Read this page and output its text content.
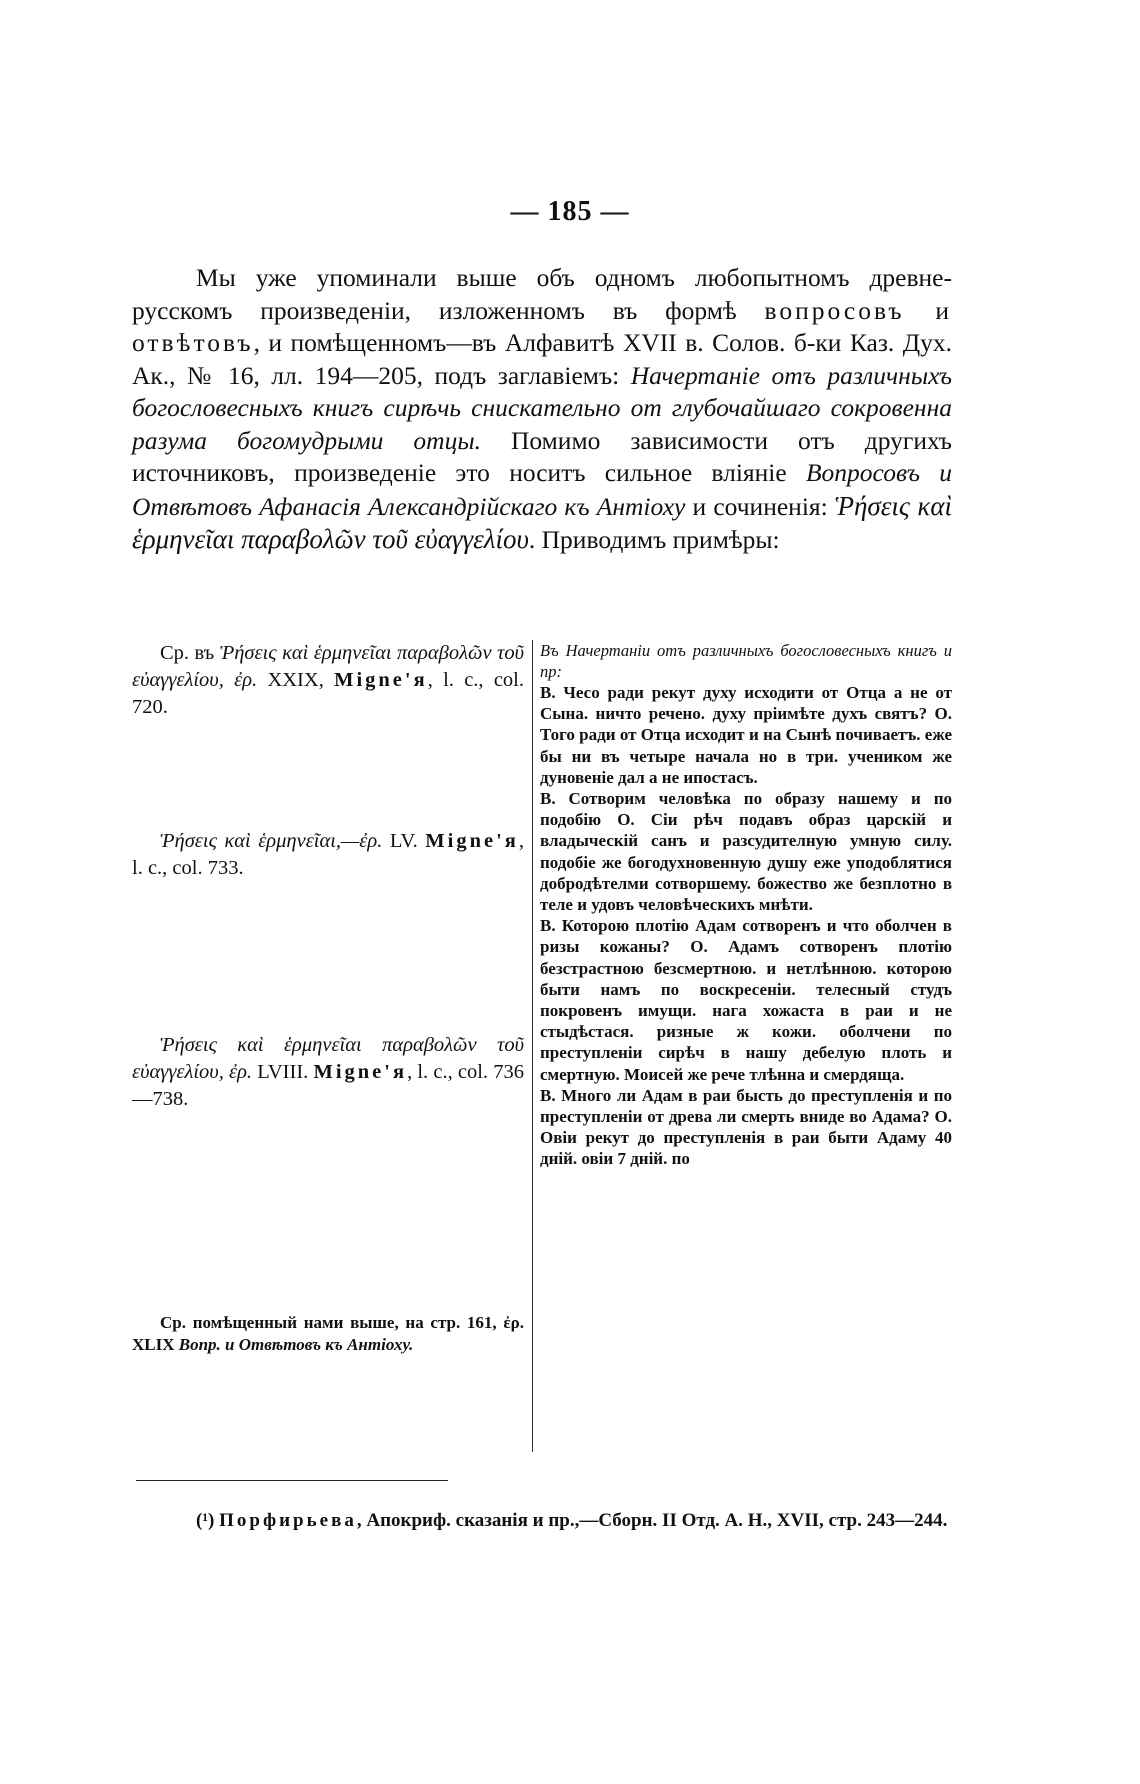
— 185 —

Мы уже упоминали выше объ одномъ любопытномъ древне-русскомъ произведеніи, изложенномъ въ формѣ вопросовъ и отвѣтовъ, и помѣщенномъ—въ Алфавитѣ XVII в. Солов. б-ки Каз. Дух. Ак., № 16, лл. 194—205, подъ заглавіемъ: Начертаніе отъ различныхъ богословесныхъ книгъ сирѣчь снискательно от глубочайшаго сокровенна разума богомудрыми отцы. Помимо зависимости отъ другихъ источниковъ, произведеніе это носитъ сильное вліяніе Вопросовъ и Отвѣтовъ Афанасія Александрійскаго къ Антіоху и сочиненія: Ῥήσεις καὶ ἑρμηνεῖαι παραβολῶν τοῦ εὐαγγελίου. Приводимъ примѣры:

Ср. въ Ῥήσεις καὶ ἑρμηνεῖαι παραβολῶν τοῦ εὐαγγελίου, ἐρ. XXIX, Migne'я, l. c., col. 720.
Ῥήσεις καὶ ἑρμηνεῖαι,—ἐρ. LV. Migne'я, l. c., col. 733.
Ῥήσεις καὶ ἑρμηνεῖαι παραβολῶν τοῦ εὐαγγελίου, ἐρ. LVIII. Migne'я, l. c., col. 736—738.
Ср. помѣщенный нами выше, на стр. 161, ἐρ. XLIX Вопр. и Отвѣтовъ къ Антіоху.

Въ Начертаніи отъ различныхъ богословесныхъ книгъ и пр:

В. Чесо ради рекут духу исходити от Отца а не от Сына. ничто речено. духу пріимѣте духъ святъ? О. Того ради от Отца исходит и на Сынѣ почиваетъ. еже бы ни въ четыре начала но в три. учеником же дуновеніе дал а не ипостасъ.

В. Сотворим человѣка по образу нашему и по подобію О. Сіи рѣч подавъ образ царскій и владыческій санъ и разсудителную умную силу. подобіе же богодухновенную душу еже уподоблятися добродѣтелми сотворшему. божество же безплотно в теле и удовъ человѣческихъ мнѣти.

В. Которою плотію Адам сотворенъ и что оболчен в ризы кожаны? О. Адамъ сотворенъ плотію безстрастною безсмертною. и нетлѣнною. которою быти намъ по воскресеніи. телесный студъ покровенъ имущи. нага хожаста в раи и не стыдѣстася. ризные ж кожи. оболчени по преступленіи сирѣч в нашу дебелую плоть и смертную. Моисей же рече тлѣнна и смердяща.

В. Много ли Адам в раи бысть до преступленія и по преступленіи от древа ли смерть вниде во Адама? О. Овіи рекут до преступленія в раи быти Адаму 40 дній. овіи 7 дній. по

(¹) Порфирьева, Апокриф. сказанія и пр.,—Сборн. II Отд. А. Н., XVII, стр. 243—244.
